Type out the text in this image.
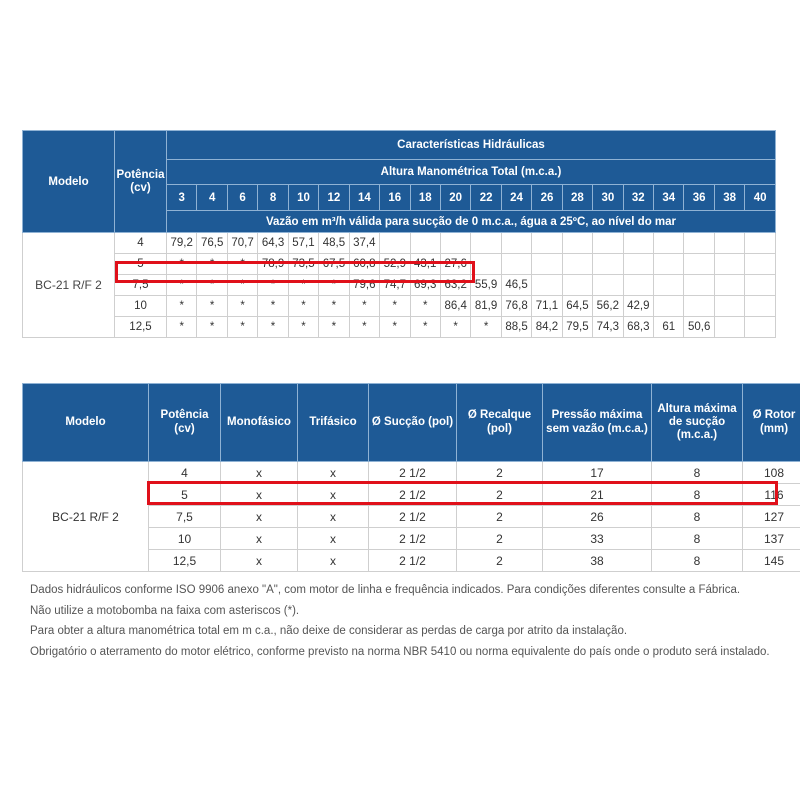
Modelo	Potência
(cv)	Características Hidráulicas																			
		Altura Manométrica Total (m.c.a.)																			
		3	4	6	8	10	12	14	16	18	20	22	24	26	28	30	32	34	36	38	40
		Vazão em m³/h válida para sucção de 0 m.c.a., água a 25ºC, ao nível do mar																			
BC-21 R/F 2	4	79,2	76,5	70,7	64,3	57,1	48,5	37,4													
	5	*	*	*	78,9	73,5	67,5	60,8	52,9	43,1	27,6										
	7,5	*	*	*	*	*	*	79,6	74,7	69,3	63,2	55,9	46,5								
	10	*	*	*	*	*	*	*	*	*	86,4	81,9	76,8	71,1	64,5	56,2	42,9				
	12,5	*	*	*	*	*	*	*	*	*	*	*	88,5	84,2	79,5	74,3	68,3	61	50,6		
Modelo	Potência (cv)	Monofásico	Trifásico	Ø Sucção (pol)	Ø Recalque (pol)	Pressão máxima sem vazão (m.c.a.)	Altura máxima de sucção (m.c.a.)	Ø Rotor (mm)
BC-21 R/F 2	4	x	x	2 1/2	2	17	8	108
	5	x	x	2 1/2	2	21	8	116
	7,5	x	x	2 1/2	2	26	8	127
	10	x	x	2 1/2	2	33	8	137
	12,5	x	x	2 1/2	2	38	8	145

Dados hidráulicos conforme ISO 9906 anexo "A", com motor de linha e frequência indicados. Para condições diferentes consulte a Fábrica.

Não utilize a motobomba na faixa com asteriscos (*).

Para obter a altura manométrica total em m c.a., não deixe de considerar as perdas de carga por atrito da instalação.

Obrigatório o aterramento do motor elétrico, conforme previsto na norma NBR 5410 ou norma equivalente do país onde o produto será instalado.
